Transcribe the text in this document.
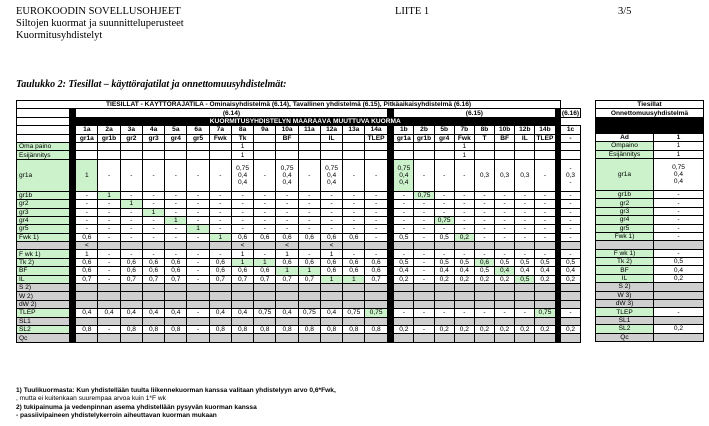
EUROKOODIN SOVELLUSOHJEET
Siltojen kuormat ja suunnitteluperusteet
Kuormitusyhdistelyt
LIITE 1	3/5
Taulukko 2: Tiesillat – käyttörajatilat ja onnettomuusyhdistelmät:
TIESILLAT - KÄYTTÖRAJATILA - Ominaisyhdistelmä (6.14), Tavallinen yhdistelmä (6.15), Pitkäaikaisyhdistelmä (6.16)																										
		(6.14)															(6.15)									(6.16)
		KUORMITUSYHDISTELYN MÄÄRÄÄVÄ MUUTTUVA KUORMA																								
		1a	2a	3a	4a	5a	6a	7a	8a	9a	10a	11a	12a	13a	14a		1b	2b	5b	7b	8b	10b	12b	14b		1c
		gr1a	gr1b	gr2	gr3	gr4	gr5	Fwk	Tk		BF		IL		TLEP		gr1a	gr1b	gr4	Fwk	T	BF	IL	TLEP		-
Oma paino									1											1						
Esijännitys									1											1						
gr1a		1	-	-	-	-	-	-	0,75
0,4
0,4	-	0,75
0,4
0,4	-	0,75
0,4
0,4	-	-		0,75
0,4
0,4	-	-	-	0,3	0,3	0,3	-		-
0,3
-
gr1b		-	1	-	-	-	-	-	-	-	-	-	-	-	-		-	0,75	-	-	-	-	-	-		-
gr2		-	-	1	-	-	-	-	-	-	-	-	-	-	-		-	-	-	-	-	-	-	-		-
gr3		-	-	-	1	-	-	-	-	-	-	-	-	-	-		-	-	-	-	-	-	-	-		-
gr4		-	-	-	-	1	-	-	-	-	-	-	-	-	-		-	-	0,75	-	-	-	-	-		-
gr5		-	-	-	-	-	1	-	-	-	-	-	-	-	-		-	-	-	-	-	-	-	-		-
Fwk 1)		0,6	-	-	-	-	-	1	0,6	0,6	0,6	0,6	0,6	0,6	-		0,5	-	0,5	0,2	-	-	-	-		-
		<							<		<		<													
F wk 1)		1	-	-	-	-	-	-	1	-	1	-	1	-	-		-	-	-	-	-	-	-	-		-
Tk 2)		0,6	-	0,6	0,6	0,6	-	0,6	1	1	0,6	0,6	0,6	0,6	0,6		0,5	-	0,5	0,5	0,6	0,5	0,5	0,5		0,5
BF		0,6	-	0,6	0,6	0,6	-	0,6	0,6	0,6	1	1	0,6	0,6	0,6		0,4	-	0,4	0,4	0,5	0,4	0,4	0,4		0,4
IL		0,7	-	0,7	0,7	0,7	-	0,7	0,7	0,7	0,7	0,7	1	1	0,7		0,2	-	0,2	0,2	0,2	0,2	0,5	0,2		0,2
S 2)																										
W 2)																										
dW 2)																										
TLEP		0,4	0,4	0,4	0,4	0,4	-	0,4	0,4	0,75	0,4	0,75	0,4	0,75	0,75		-	-	-	-	-	-	-	0,75		-
SL1																										
SL2		0,8	-	0,8	0,8	0,8	-	0,8	0,8	0,8	0,8	0,8	0,8	0,8	0,8		0,2	-	0,2	0,2	0,2	0,2	0,2	0,2		0,2
Qc																										
Tiesillat	
Onnettomuusyhdistelmä	

Ad	1
Ompaino	1
Esijännitys	1
gr1a	0,75
0,4
0,4
gr1b	-
gr2	-
gr3	-
gr4	-
gr5	-
Fwk 1)	-

F wk 1)	-
Tk 2)	0,5
BF	0,4
IL	0,2
S 2)	
W 3)	
dW 3)	
TLEP	-
SL1	
SL2	0,2
Qc	
1) Tuulikuormasta: Kun yhdistellään tuulta liikennekuorman kanssa valitaan yhdistelyyn arvo 0,6*Fwk,
, mutta ei kuitenkaan suurempaa arvoa kuin 1*F wk
2) tukipainuma ja vedenpinnan asema yhdistellään pysyvän kuorman kanssa
- passiivipaineen yhdistelykerroin aiheuttavan kuorman mukaan
